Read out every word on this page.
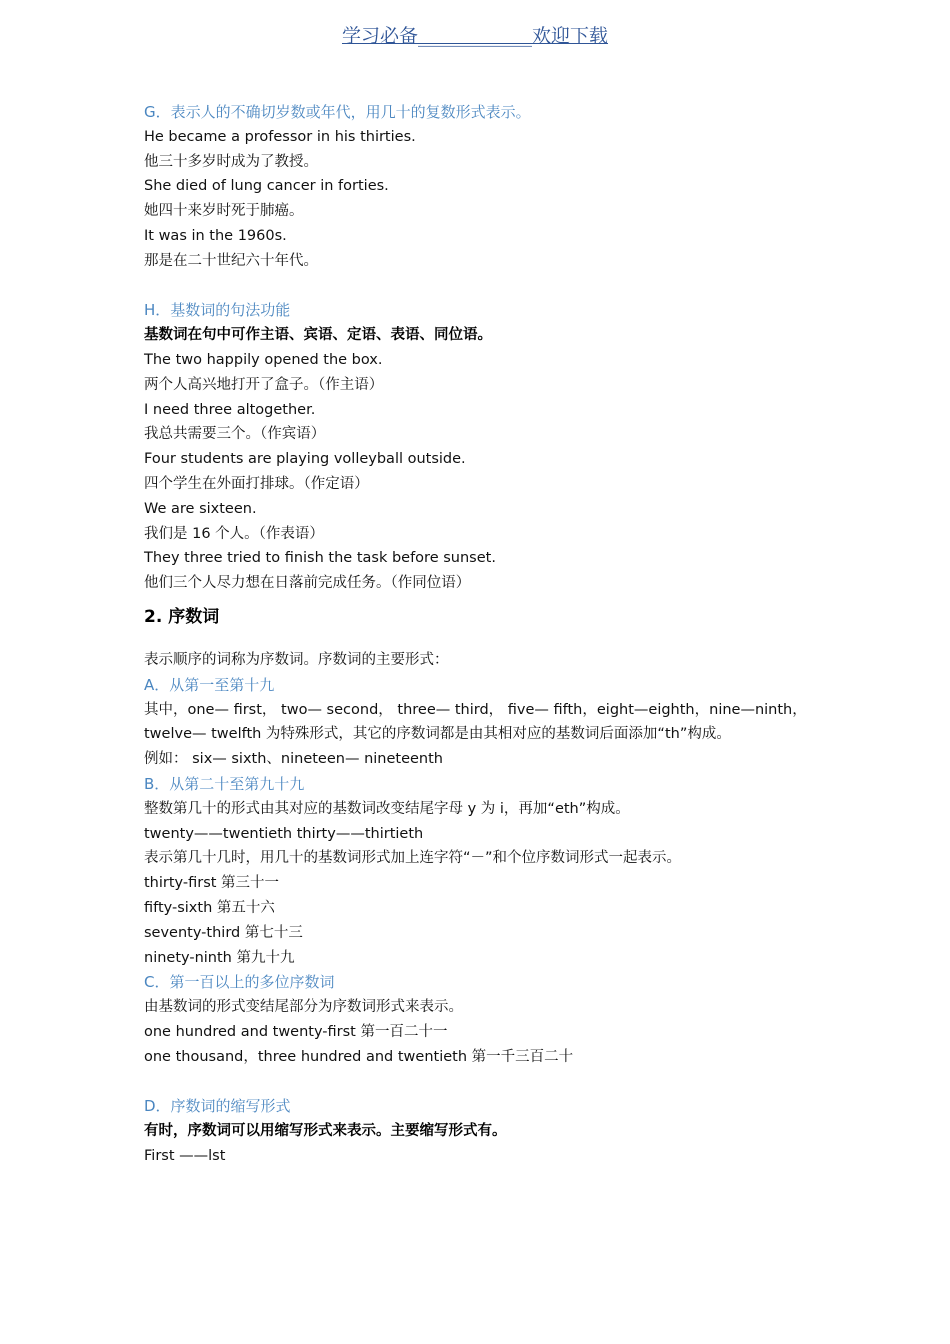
学习必备____________欢迎下载

G．表示人的不确切岁数或年代，用几十的复数形式表示。

He became a professor in his thirties.

他三十多岁时成为了教授。

She died of lung cancer in forties.

她四十来岁时死于肺癌。

It was in the 1960s.

那是在二十世纪六十年代。

H．基数词的句法功能

基数词在句中可作主语、宾语、定语、表语、同位语。

The two happily opened the box.

两个人高兴地打开了盒子。（作主语）

I need three altogether.

我总共需要三个。（作宾语）

Four students are playing volleyball outside.

四个学生在外面打排球。（作定语）

We are sixteen.

我们是 16 个人。（作表语）

They three tried to finish the task before sunset.

他们三个人尽力想在日落前完成任务。（作同位语）

2. 序数词

表示顺序的词称为序数词。序数词的主要形式：

A．从第一至第十九

其中，one— first， two— second， three— third， five— fifth，eight—eighth，nine—ninth，

twelve— twelfth 为特殊形式，其它的序数词都是由其相对应的基数词后面添加“th”构成。

例如： six— sixth、nineteen— nineteenth

B．从第二十至第九十九

整数第几十的形式由其对应的基数词改变结尾字母 y 为 i，再加“eth”构成。

twenty——twentieth thirty——thirtieth

表示第几十几时，用几十的基数词形式加上连字符“－”和个位序数词形式一起表示。

thirty-first 第三十一

fifty-sixth 第五十六

seventy-third 第七十三

ninety-ninth 第九十九

C．第一百以上的多位序数词

由基数词的形式变结尾部分为序数词形式来表示。

one hundred and twenty-first 第一百二十一

one thousand，three hundred and twentieth 第一千三百二十

D．序数词的缩写形式

有时，序数词可以用缩写形式来表示。主要缩写形式有。

First ——lst
